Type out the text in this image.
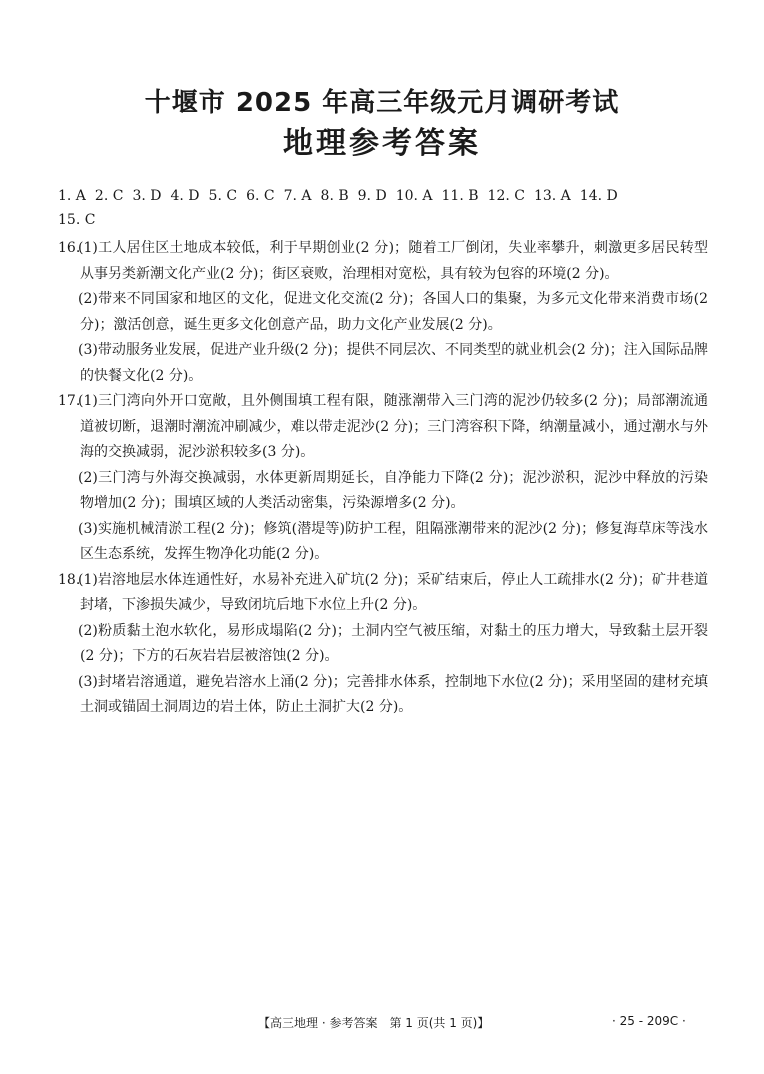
十堰市 2025 年高三年级元月调研考试
地理参考答案
1. A 2. C 3. D 4. D 5. C 6. C 7. A 8. B 9. D 10. A 11. B 12. C 13. A 14. D
15. C
16.
(1)工人居住区土地成本较低，利于早期创业(2 分)；随着工厂倒闭，失业率攀升，刺激更多居民转型从事另类新潮文化产业(2 分)；街区衰败，治理相对宽松，具有较为包容的环境(2 分)。
(2)带来不同国家和地区的文化，促进文化交流(2 分)；各国人口的集聚，为多元文化带来消费市场(2 分)；激活创意，诞生更多文化创意产品，助力文化产业发展(2 分)。
(3)带动服务业发展，促进产业升级(2 分)；提供不同层次、不同类型的就业机会(2 分)；注入国际品牌的快餐文化(2 分)。
17.
(1)三门湾向外开口宽敞，且外侧围填工程有限，随涨潮带入三门湾的泥沙仍较多(2 分)；局部潮流通道被切断，退潮时潮流冲刷减少，难以带走泥沙(2 分)；三门湾容积下降，纳潮量减小，通过潮水与外海的交换减弱，泥沙淤积较多(3 分)。
(2)三门湾与外海交换减弱，水体更新周期延长，自净能力下降(2 分)；泥沙淤积，泥沙中释放的污染物增加(2 分)；围填区域的人类活动密集，污染源增多(2 分)。
(3)实施机械清淤工程(2 分)；修筑(潜堤等)防护工程，阻隔涨潮带来的泥沙(2 分)；修复海草床等浅水区生态系统，发挥生物净化功能(2 分)。
18.
(1)岩溶地层水体连通性好，水易补充进入矿坑(2 分)；采矿结束后，停止人工疏排水(2 分)；矿井巷道封堵，下渗损失减少，导致闭坑后地下水位上升(2 分)。
(2)粉质黏土泡水软化，易形成塌陷(2 分)；土洞内空气被压缩，对黏土的压力增大，导致黏土层开裂(2 分)；下方的石灰岩岩层被溶蚀(2 分)。
(3)封堵岩溶通道，避免岩溶水上涌(2 分)；完善排水体系，控制地下水位(2 分)；采用坚固的建材充填土洞或锚固土洞周边的岩土体，防止土洞扩大(2 分)。
【高三地理 · 参考答案　第 1 页(共 1 页)】	· 25 - 209C ·
